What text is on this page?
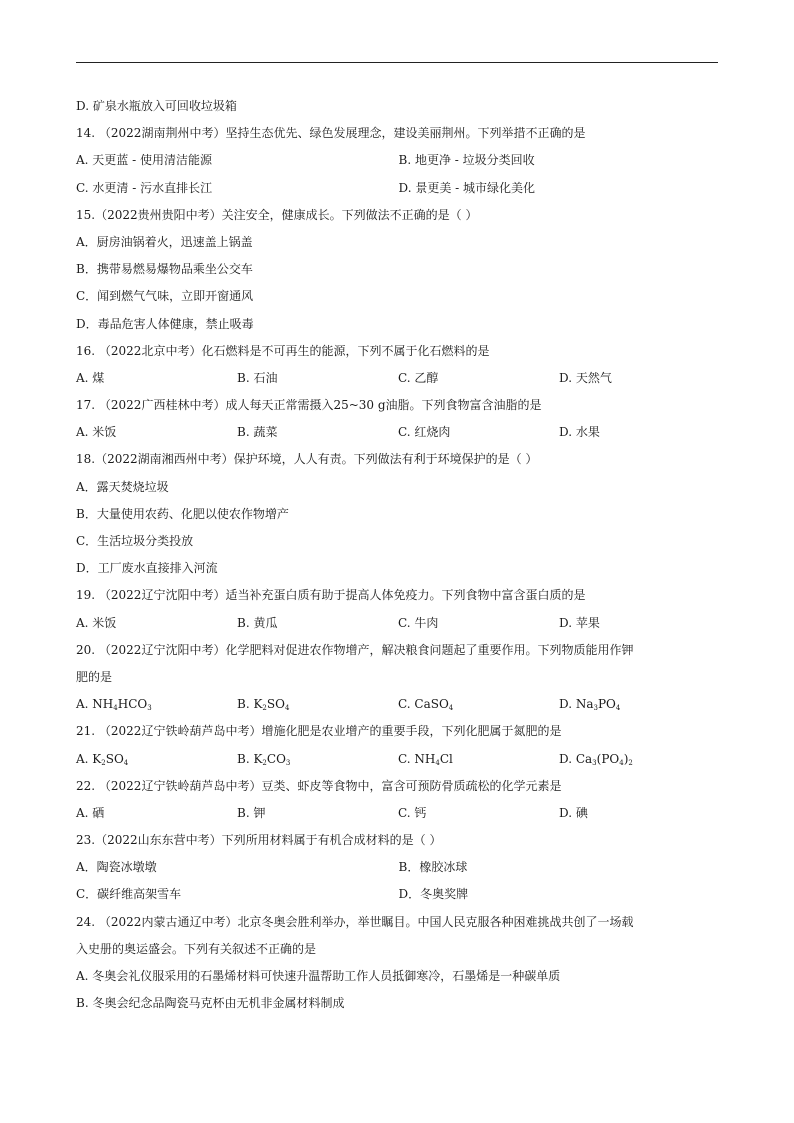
D. 矿泉水瓶放入可回收垃圾箱
14. （2022湖南荆州中考）坚持生态优先、绿色发展理念，建设美丽荆州。下列举措不正确的是
A. 天更蓝 - 使用清洁能源	B. 地更净 - 垃圾分类回收
C. 水更清 - 污水直排长江	D. 景更美 - 城市绿化美化
15.（2022贵州贵阳中考）关注安全，健康成长。下列做法不正确的是（ ）
A．厨房油锅着火，迅速盖上锅盖
B．携带易燃易爆物品乘坐公交车
C．闻到燃气气味，立即开窗通风
D．毒品危害人体健康，禁止吸毒
16. （2022北京中考）化石燃料是不可再生的能源，下列不属于化石燃料的是
A. 煤	B. 石油	C. 乙醇	D. 天然气
17. （2022广西桂林中考）成人每天正常需摄入25~30 g油脂。下列食物富含油脂的是
A. 米饭	B. 蔬菜	C. 红烧肉	D. 水果
18.（2022湖南湘西州中考）保护环境，人人有责。下列做法有利于环境保护的是（ ）
A．露天焚烧垃圾
B．大量使用农药、化肥以使农作物增产
C．生活垃圾分类投放
D．工厂废水直接排入河流
19. （2022辽宁沈阳中考）适当补充蛋白质有助于提高人体免疫力。下列食物中富含蛋白质的是
A. 米饭	B. 黄瓜	C. 牛肉	D. 苹果
20. （2022辽宁沈阳中考）化学肥料对促进农作物增产，解决粮食问题起了重要作用。下列物质能用作钾
肥的是
A. $NH_4HCO_3$	B. $K_2SO_4$	C. CaSO$_4$	D. $Na_3PO_4$
21. （2022辽宁铁岭葫芦岛中考）增施化肥是农业增产的重要手段，下列化肥属于氮肥的是
A. $K_2SO_4$	B. $K_2CO_3$	C. $NH_4Cl$	D. $Ca_3(PO_4)_2$
22. （2022辽宁铁岭葫芦岛中考）豆类、虾皮等食物中，富含可预防骨质疏松的化学元素是
A. 硒	B. 钾	C. 钙	D. 碘
23.（2022山东东营中考）下列所用材料属于有机合成材料的是（ ）
A．陶瓷冰墩墩	B．橡胶冰球
C．碳纤维高架雪车	D．冬奥奖牌
24. （2022内蒙古通辽中考）北京冬奥会胜利举办，举世瞩目。中国人民克服各种困难挑战共创了一场载
入史册的奥运盛会。下列有关叙述不正确的是
A. 冬奥会礼仪服采用的石墨烯材料可快速升温帮助工作人员抵御寒冷，石墨烯是一种碳单质
B. 冬奥会纪念品陶瓷马克杯由无机非金属材料制成
